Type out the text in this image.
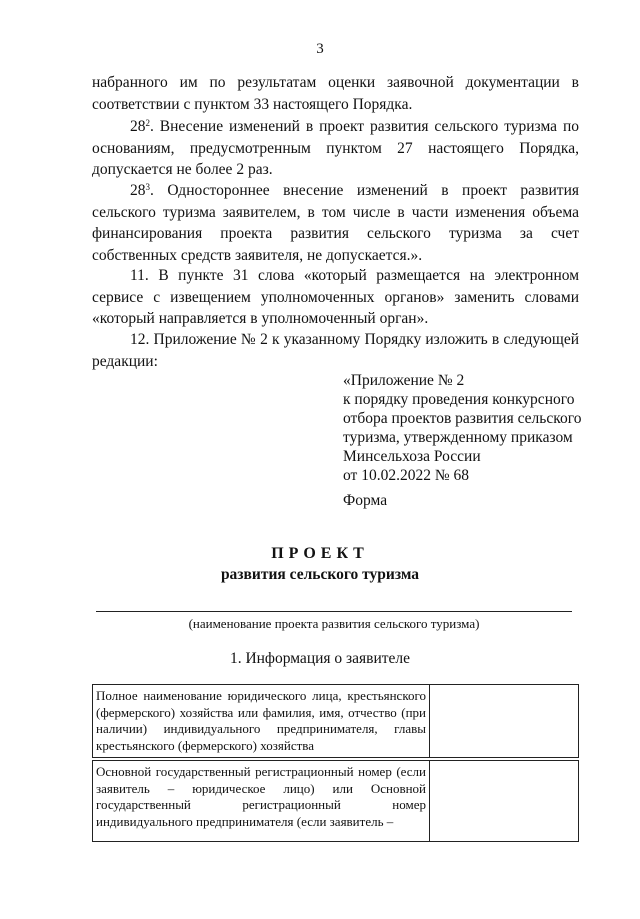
3

набранного им по результатам оценки заявочной документации в соответствии с пунктом 33 настоящего Порядка.

$28^2$. Внесение изменений в проект развития сельского туризма по основаниям, предусмотренным пунктом 27 настоящего Порядка, допускается не более 2 раз.

$28^3$. Одностороннее внесение изменений в проект развития сельского туризма заявителем, в том числе в части изменения объема финансирования проекта развития сельского туризма за счет собственных средств заявителя, не допускается.».

11. В пункте 31 слова «который размещается на электронном сервисе с извещением уполномоченных органов» заменить словами «который направляется в уполномоченный орган».

12. Приложение № 2 к указанному Порядку изложить в следующей редакции:

«Приложение № 2
к порядку проведения конкурсного
отбора проектов развития сельского
туризма, утвержденному приказом
Минсельхоза России
от 10.02.2022 № 68
Форма
ПРОЕКТ
развития сельского туризма
(наименование проекта развития сельского туризма)
1. Информация о заявителе
Полное наименование юридического лица, крестьянского (фермерского) хозяйства или фамилия, имя, отчество (при наличии) индивидуального предпринимателя, главы крестьянского (фермерского) хозяйства	

Основной государственный регистрационный номер (если заявитель – юридическое лицо) или Основной государственный регистрационный номер индивидуального предпринимателя (если заявитель –	
